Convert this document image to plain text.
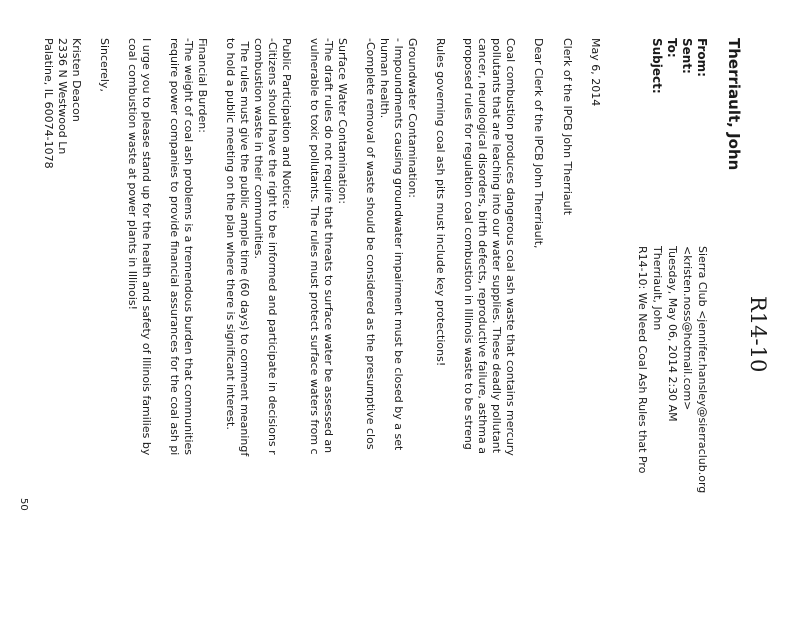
R14-10
Therriault, John
From:
Sent:
To:
Subject:
Sierra Club <jennifer.hansley@sierraclub.org
<kristen.noss@hotmail.com>
Tuesday, May 06, 2014 2:30 AM
Therriault, John
R14-10: We Need Coal Ash Rules that Pro
May 6, 2014
Clerk of the IPCB John Therriault
Dear Clerk of the IPCB John Therriault,
Coal combustion produces dangerous coal ash waste that contains mercury
pollutants that are leaching into our water supplies. These deadly pollutant
cancer, neurological disorders, birth defects, reproductive failure, asthma a
proposed rules for regulation coal combustion in Illinois waste to be streng
Rules governing coal ash pits must include key protections!
Groundwater Contamination:
- Impoundments causing groundwater impairment must be closed by a set
human health.
-Complete removal of waste should be considered as the presumptive clos
Surface Water Contamination:
-The draft rules do not require that threats to surface water be assessed an
vulnerable to toxic pollutants. The rules must protect surface waters from c
Public Participation and Notice:
-Citizens should have the right to be informed and participate in decisions r
combustion waste in their communities.
The rules must give the public ample time (60 days) to comment meaningf
to hold a public meeting on the plan where there is significant interest.
Financial Burden:
-The weight of coal ash problems is a tremendous burden that communities
require power companies to provide financial assurances for the coal ash pi
I urge you to please stand up for the health and safety of Illinois families by
coal combustion waste at power plants in Illinois!
Sincerely,
Kristen Deacon
2336 N Westwood Ln
Palatine, IL 60074-1078
50
